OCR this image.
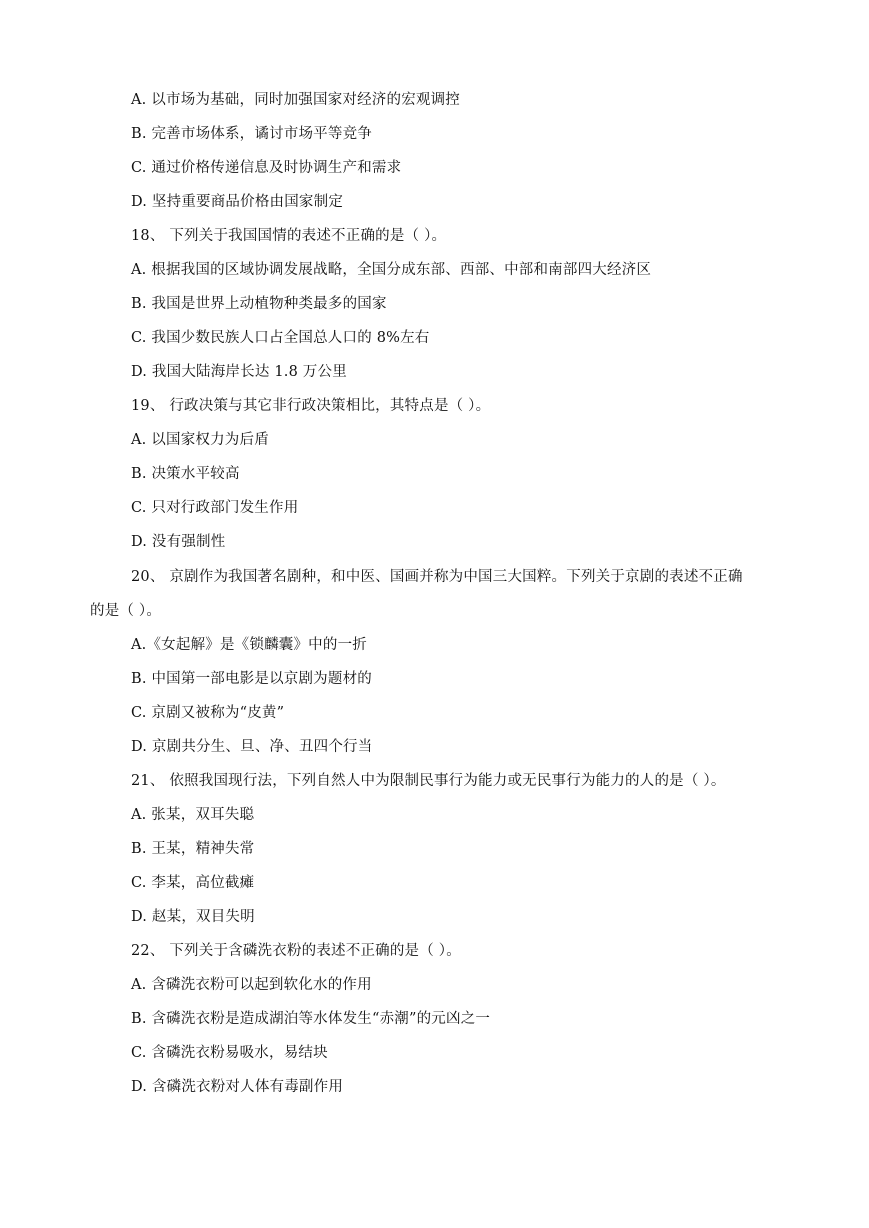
A. 以市场为基础，同时加强国家对经济的宏观调控
B. 完善市场体系，谲讨市场平等竞争
C. 通过价格传递信息及时协调生产和需求
D. 坚持重要商品价格由国家制定
18、 下列关于我国国情的表述不正确的是（ ）。
A. 根据我国的区域协调发展战略，全国分成东部、西部、中部和南部四大经济区
B. 我国是世界上动植物种类最多的国家
C. 我国少数民族人口占全国总人口的 8%左右
D. 我国大陆海岸长达 1.8 万公里
19、 行政决策与其它非行政决策相比，其特点是（ ）。
A. 以国家权力为后盾
B. 决策水平较高
C. 只对行政部门发生作用
D. 没有强制性
20、 京剧作为我国著名剧种，和中医、国画并称为中国三大国粹。下列关于京剧的表述不正确
的是（ ）。
A.《女起解》是《锁麟囊》中的一折
B. 中国第一部电影是以京剧为题材的
C. 京剧又被称为“皮黄”
D. 京剧共分生、旦、净、丑四个行当
21、 依照我国现行法，下列自然人中为限制民事行为能力或无民事行为能力的人的是（ ）。
A. 张某，双耳失聪
B. 王某，精神失常
C. 李某，高位截瘫
D. 赵某，双目失明
22、 下列关于含磷洗衣粉的表述不正确的是（ ）。
A. 含磷洗衣粉可以起到软化水的作用
B. 含磷洗衣粉是造成湖泊等水体发生“赤潮”的元凶之一
C. 含磷洗衣粉易吸水，易结块
D. 含磷洗衣粉对人体有毒副作用
